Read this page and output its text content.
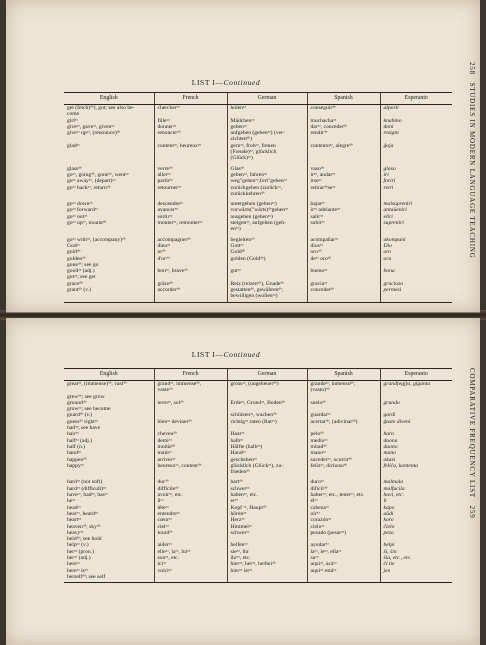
LIST I—Continued
258   STUDIES IN MODERN LANGUAGE TEACHING
English	French	German	Spanish	Esperanto
get (fetch)ᵈᵇ), got; see also be-	chercherᵃᵃ	holenᵃᵃ	conseguirᵈᵇ	alporti
come				
girlᵃᵃ	filleᵃᵃ	Mädchenᵃᵃ	muchachaᵃᵃ	knabino
giveᵃᵃ, gaveᵃᵃ, givenᵃᵃ	donnerᵃᵃ	gebenᵃᵃ	darᵃᵃ, concederᵈᵇ	doni
giveᵃᵃ upᵃᵃ, (renounce)ᵈᵇ	renoncerᵈᵇ	aufgeben (gebenᵃᵃ) (ver-	rendirᵈᵇ	rezigni
		zichtenᵈᵇ)		
gladᵃᵃ	contentᵃᵃ, heureuxᵃᵃ	gernᵃᵃ, frohᵃᵃ, frenen	contentoᵃᵃ, alegreᵈᵇ	ĝoja
		(Freude)ᵃᵃ, glücklich		
		(Glück)ᵃᵃ)		
glassᵈᵇ	verreᵈᵇ	Glasᵈᵇ	vasoᵈᵇ	glaso
goᵃᵃ, goingᵈᵇ, goneᵈᵇ, wentᵃᵃ	allerᵃᵃ	gehenᵃᵃ, fahrenᵃᵃ	irᵃᵃ, andarᵃᵃ	iri
goᵃᵃ awayᵃᵃ, (depart)ᵃᵃ	partirᵃᵃ	weg"gehenᵃᵃ,fort"gehenᵃᵃ	irseᵃᵃ	foriri
goᵃᵃ backᵃᵃ, returnᵈᵇ	retournerᵃᵃ	zurückgehen (zurückᵃᵃ,	retirarᵈᵇseᵃᵃ	reiri
		zurückkehrenᵈᵇ		
goᵃᵃ downᵃᵃ	descendreᵃᵃ	untergehen (gehenᵃᵃ)	bajarᵃᵃ	malsupreniri
goᵃᵃ forwardᵃᵃ	avancerᵃᵃ	vorwärts("wärts)ᵈᵇgehenᵃᵃ	irᵃᵃ adelanteᵃᵃ	antaŭeniri
goᵃᵃ outᵃᵃ	sortirᵃᵃ	ausgehen (gehenᵃᵃ)	salirᵃᵃ	eliri
goᵃᵃ upᵃᵃ, mountᵈᵇ	monterᵃᵃ, remonterᵃᵃ	steigenᵃᵃ, aufgehen (geh-	subirᵃᵃ	supreniri
		enᵃᵃ)		
goᵃᵃ withᵃᵃ, (accompany)ᵈᵇ	accompagnerᵈᵇ	begleitenᵈᵇ	acompañarᵃᵃ	akompani
Godᵃᵃ	dieuᵃᵃ	Gottᵃᵃ	diosᵃᵃ	Dio
goldᵈᵇ	orᵈᵇ	Goldᵈᵇ	oroᵈᵇ	oro
goldenᵈᵇ	d'orᵈᵇ	golden (Goldᵈᵇ)	deᵃᵃ oroᵈᵇ	ora
goneᵈᵇ; see go				
goodᵃᵃ (adj.)	bonᵃᵃ, braveᵈᵇ	gutᵃᵃ	buenoᵃᵃ	bona
gotᵃᵃ; see get				
graceᵈᵇ	grâceᵈᵇ	Reiz (reizenᵈᵇ), Gnadeᵈᵇ	graciaᵃᵃ	graciozo
grantᵈᵇ (v.)	accorderᵈᵇ	gestattenᵈᵇ, gewährenᵈᵇ,	concederᵈᵇ	permesi
		bewilligen (wollenᵃᵃ)		
LIST I—Continued
COMPARATIVE FREQUENCY LIST   259
English	French	German	Spanish	Esperanto
greatᵃᵃ, (immense)ᵈᵇ, vastᵈᵇ	grandᵃᵃ, immenseᵈᵇ,	grossᵃᵃ, (ungeheuerᵈᵇ)	grandeᵃᵃ, inmensoᵈᵇ,	grand(egj)a, giganta
	vasteᵈᵇ		(vasto)ᵈᵇ	
grewᵈᵇ; see grow				
groundᵈᵇ	terreᵃᵃ, solᵈᵇ	Erdeᵃᵃ, Grundᵃᵃ, Bodenᵈᵇ	sueloᵈᵇ	grundo
growᵃᵃ; see become				
guardᵈᵇ (v.)		schützenᵃᵃ, wachenᵈᵇ	guardarᵃᵃ	gardi
guessᵈᵇ rightᵃᵃ	bienᵃᵃ devinerᵈᵇ	richtigᵃᵃ raten (Ratᵃᵃ)	acertarᵈᵇ, (adivinarᵈᵇ)	ĝuste diveni
hadᵃᵃ; see have				
hairᵃᵃ	cheveuᵈᵇ	Haarᵃᵃ	peloᵈᵇ	haro
halfᵃᵃ (adj.)	demiᵃᵃ	halbᵃᵃ	medioᵃᵃ	duona
half (n.)	moitiéᵈᵇ	Hälfte (halbᵃᵃ)	mitadᵈᵇ	duono
handᵃᵃ	mainᵃᵃ	Handᵃᵃ	manoᵃᵃ	mano
happenᵈᵇ	arriverᵃᵃ	geschehenᵃᵃ	sucederᵃᵃ, ocurrirᵈᵇ	okazi
happyᵃᵃ	heureuxᵃᵃ, contentᵈᵇ	glücklich (Glückᵃᵃ), zu-	felizᵃᵃ, dichosoᵈᵇ	feliĉa, kontenta
		friedenᵈᵇ		
hardᵃᵃ (not soft)	durᵈᵇ	hartᵈᵇ	duroᵃᵃ	malmola
hardᵃᵃ (difficult)ᵃᵃ	difficileᵈᵇ	schwerᵃᵃ	difícilᵈᵇ	malfacila
haveᵃᵃ, hadᵃᵃ, hasᵃᵃ	avoirᵃᵃ, etc.	habenᵃᵃ, etc.	haberᵃᵃ, etc., tenerᵃᵃ, etc.	havi, etc.
heᵃᵃ	ilᵃᵃ	erᵃᵃ	élᵃᵃ	li
headᵃᵃ	têteᵃᵃ	Kopf ᵃᵃ, Hauptᵈᵇ	cabezaᵃᵃ	kapo
hearᵃᵃ, heardᵃᵃ	entendreᵃᵃ	hörenᵃᵃ	oírᵃᵃ	aŭdi
heartᵃᵃ	cœurᵃᵃ	Herzᵃᵃ	corazónᵃᵃ	koro
heavenᵈᵇ, skyᵈᵇ	cielᵃᵃ	Himmelᵃᵃ	cieloᵃᵃ	ĉielo
heavyᵃᵃ	lourdᵈᵇ	schwerᵃᵃ	pesado (pesarᵃᵃ)	peza
heldᵈᵇ; see hold				
helpᵃᵃ (v.)	aiderᵃᵃ	helfenᵃᵃ	ayudarᵃᵃ	helpi
herᵃᵃ (pron.)	elleᵃᵃ, laᵃᵃ, luiᵃᵃ	sieᵃᵃ, ihr	laᵃᵃ, leᵃᵃ, ellaᵃᵃ	ŝi, ŝin
herᵃᵃ (adj.)	sonᵃᵃ, etc.	ihrᵃᵃ, etc.	suᵃᵃ	ŝia, etc., etc.
hereᵃᵃ	iciᵃᵃ	hierᵃᵃ, herᵃᵃ, herbeiᵈᵇ	aquíᵃᵃ, acáᵃᵃ	ĉi tie
hereᵃᵃ isᵃᵃ	voiciᵃᵃ	hierᵃᵃ istᵃᵃ	aquíᵃᵃ estáᵃᵃ	jen
herselfᵈᵇ; see self				
